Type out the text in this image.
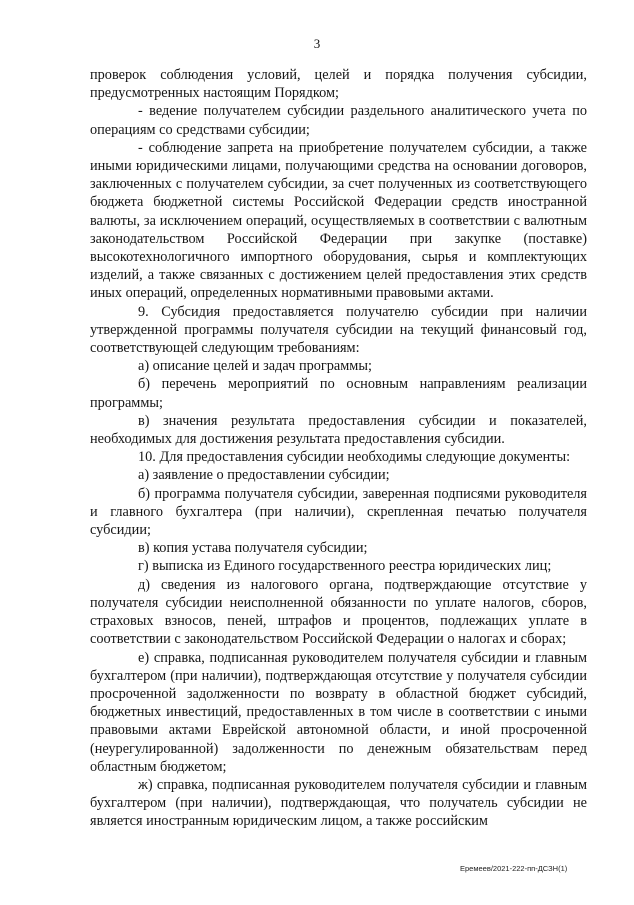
3

проверок соблюдения условий, целей и порядка получения субсидии, предусмотренных настоящим Порядком;

- ведение получателем субсидии раздельного аналитического учета по операциям со средствами субсидии;

- соблюдение запрета на приобретение получателем субсидии, а также иными юридическими лицами, получающими средства на основании договоров, заключенных с получателем субсидии, за счет полученных из соответствующего бюджета бюджетной системы Российской Федерации средств иностранной валюты, за исключением операций, осуществляемых в соответствии с валютным законодательством Российской Федерации при закупке (поставке) высокотехнологичного импортного оборудования, сырья и комплектующих изделий, а также связанных с достижением целей предоставления этих средств иных операций, определенных нормативными правовыми актами.

9. Субсидия предоставляется получателю субсидии при наличии утвержденной программы получателя субсидии на текущий финансовый год, соответствующей следующим требованиям:

а) описание целей и задач программы;

б) перечень мероприятий по основным направлениям реализации программы;

в) значения результата предоставления субсидии и показателей, необходимых для достижения результата предоставления субсидии.

10. Для предоставления субсидии необходимы следующие документы:

а) заявление о предоставлении субсидии;

б) программа получателя субсидии, заверенная подписями руководителя и главного бухгалтера (при наличии), скрепленная печатью получателя субсидии;

в) копия устава получателя субсидии;

г) выписка из Единого государственного реестра юридических лиц;

д) сведения из налогового органа, подтверждающие отсутствие у получателя субсидии неисполненной обязанности по уплате налогов, сборов, страховых взносов, пеней, штрафов и процентов, подлежащих уплате в соответствии с законодательством Российской Федерации о налогах и сборах;

е) справка, подписанная руководителем получателя субсидии и главным бухгалтером (при наличии), подтверждающая отсутствие у получателя субсидии просроченной задолженности по возврату в областной бюджет субсидий, бюджетных инвестиций, предоставленных в том числе в соответствии с иными правовыми актами Еврейской автономной области, и иной просроченной (неурегулированной) задолженности по денежным обязательствам перед областным бюджетом;

ж) справка, подписанная руководителем получателя субсидии и главным бухгалтером (при наличии), подтверждающая, что получатель субсидии не является иностранным юридическим лицом, а также российским

Еремеев/2021-222-пп-ДСЗН(1)
